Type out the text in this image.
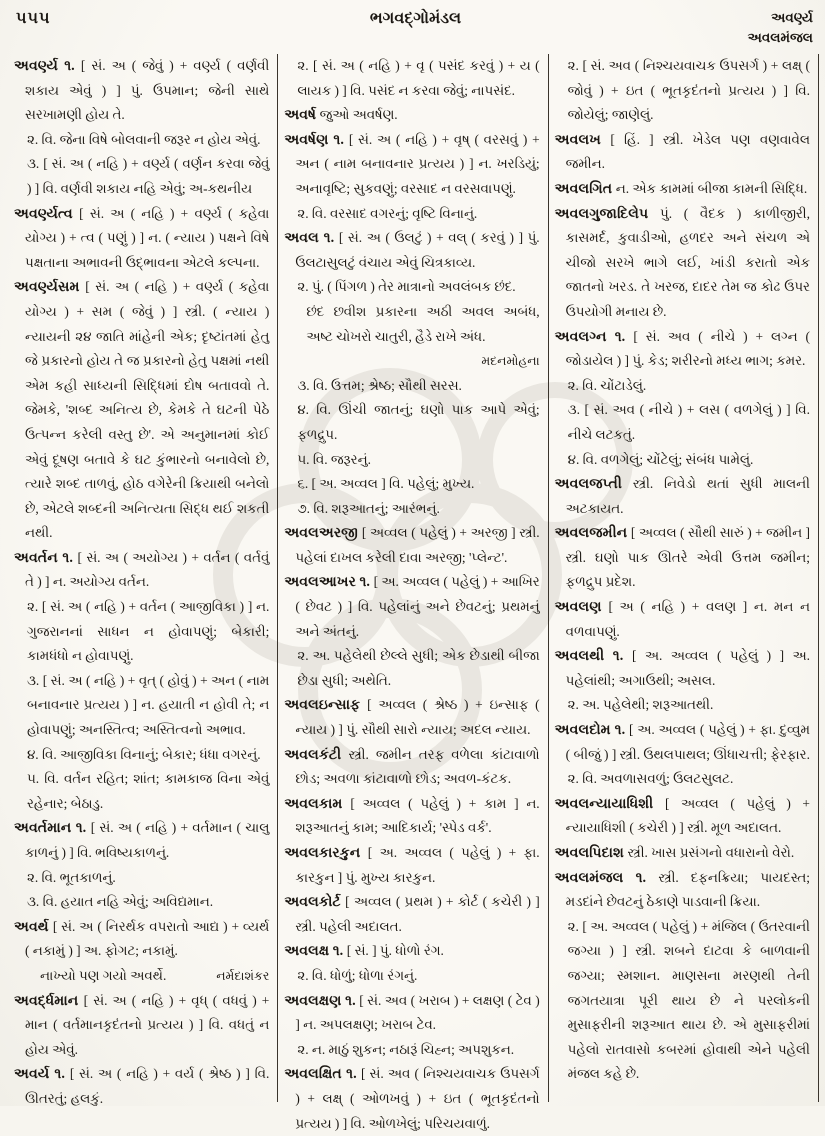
૫૫૫	ભગવદ્ગોમંડલ	અવર્ણ્ય
અવલમંજલ

અવર્ણ્ય ૧. [ સં. અ ( જેવું ) + વર્ણ્ય ( વર્ણવી શકાય એવું ) ] પું. ઉપમાન; જેની સાથે સરખામણી હોય તે.

૨. વિ. જેના વિષે બોલવાની જરૂર ન હોય એવું.

૩. [ સં. અ ( નહિ ) + વર્ણ્ય ( વર્ણન કરવા જેવું ) ] વિ. વર્ણવી શકાય નહિ એવું; અ-કથનીય

અવર્ણ્યત્વ [ સં. અ ( નહિ ) + વર્ણ્ય ( કહેવા યોગ્ય ) + ત્વ ( પણું ) ] ન. ( ન્યાય ) પક્ષને વિષે પક્ષતાના અભાવની ઉદ્ભાવના એટલે કલ્પના.

અવર્ણ્યસમ [ સં. અ ( નહિ ) + વર્ણ્ય ( કહેવા યોગ્ય ) + સમ ( જેવું ) ] સ્ત્રી. ( ન્યાય ) ન્યાયની ૨૪ જાતિ માંહેની એક; દૃષ્ટાંતમાં હેતુ જે પ્રકારનો હોય તે જ પ્રકારનો હેતુ પક્ષમાં નથી એમ કહી સાધ્યની સિદ્ધિમાં દોષ બતાવવો તે. જેમકે, 'શબ્દ અનિત્ય છે, કેમકે તે ઘટની પેઠે ઉત્પન્ન કરેલી વસ્તુ છે'. એ અનુમાનમાં કોઈ એવું દૂષણ બતાવે કે ઘટ કુંભારનો બનાવેલો છે, ત્યારે શબ્દ તાળવું, હોઠ વગેરેની ક્રિયાથી બનેલો છે, એટલે શબ્દની અનિત્યતા સિદ્ધ થઈ શકતી નથી.

અવર્તન ૧. [ સં. અ ( અયોગ્ય ) + વર્તન ( વર્તવું તે ) ] ન. અયોગ્ય વર્તન.

૨. [ સં. અ ( નહિ ) + વર્તન ( આજીવિકા ) ] ન. ગુજરાનનાં સાધન ન હોવાપણું; બેકારી; કામધંધો ન હોવાપણું.

૩. [ સં. અ ( નહિ ) + વૃત્ ( હોવું ) + અન ( નામ બનાવનાર પ્રત્યય ) ] ન. હયાતી ન હોવી તે; ન હોવાપણું; અનસ્તિત્વ; અસ્તિત્વનો અભાવ.

૪. વિ. આજીવિકા વિનાનું; બેકાર; ધંધા વગરનું.

૫. વિ. વર્તન રહિત; શાંત; કામકાજ વિના એવું રહેનાર; બેઠાડુ.

અવર્તમાન ૧. [ સં. અ ( નહિ ) + વર્તમાન ( ચાલુ કાળનું ) ] વિ. ભવિષ્યકાળનું.

૨. વિ. ભૂતકાળનું.

૩. વિ. હયાત નહિ એવું; અવિદ્યમાન.

અવર્થ [ સં. અ ( નિરર્થક વપરાતો આદ્ય ) + વ્યર્થ ( નકામું ) ] અ. ફોગટ; નકામું.

નાખ્યો પણ ગયો અવર્થે.	નર્મદાશંકર

અવર્દ્ધમાન [ સં. અ ( નહિ ) + વૃધ્ ( વધવું ) + માન ( વર્તમાનકૃદંતનો પ્રત્યય ) ] વિ. વધતું ન હોય એવું.

અવર્ય ૧. [ સં. અ ( નહિ ) + વર્ય ( શ્રેષ્ઠ ) ] વિ. ઊતરતું; હલકું.

૨. [ સં. અ ( નહિ ) + વૃ ( પસંદ કરવું ) + ય ( લાયક ) ] વિ. પસંદ ન કરવા જેવું; નાપસંદ.

અવર્ષ જુઓ અવર્ષણ.

અવર્ષણ ૧. [ સં. અ ( નહિ ) + વૃષ્ ( વરસવું ) + અન ( નામ બનાવનાર પ્રત્યય ) ] ન. ખરડિયું; અનાવૃષ્ટિ; સુકવણું; વરસાદ ન વરસવાપણું.

૨. વિ. વરસાદ વગરનું; વૃષ્ટિ વિનાનું.

અવલ ૧. [ સં. અ ( ઉલટું ) + વલ્ ( કરવું ) ] પું. ઉલટાસુલટું વંચાય એવું ચિત્રકાવ્ય.

૨. પું. ( પિંગળ ) તેર માત્રાનો અવલંબક છંદ.

છંદ છવીશ પ્રકારના અઠી અવલ અબંધ, અષ્ટ ચોખરો ચાતુરી, હૈડે રાખે અંધ.
મદનમોહના

૩. વિ. ઉત્તમ; શ્રેષ્ઠ; સૌથી સરસ.

૪. વિ. ઊંચી જાતનું; ઘણો પાક આપે એવું; ફળદ્રુપ.

૫. વિ. જરૂરનું.

૬. [ અ. અવ્વલ ] વિ. પહેલું; મુખ્ય.

૭. વિ. શરૂઆતનું; આરંભનું.

અવલઅરજી [ અવ્વલ ( પહેલું ) + અરજી ] સ્ત્રી. પહેલાં દાખલ કરેલી દાવા અરજી; 'પ્લેન્ટ'.

અવલઆખર ૧. [ અ. અવ્વલ ( પહેલું ) + આખિર ( છેવટ ) ] વિ. પહેલાંનું અને છેવટનું; પ્રથમનું અને અંતનું.

૨. અ. પહેલેથી છેલ્લે સુધી; એક છેડાથી બીજા છેડા સુધી; અથેતિ.

અવલઇન્સાફ [ અવ્વલ ( શ્રેષ્ઠ ) + ઇન્સાફ ( ન્યાય ) ] પું. સૌથી સારો ન્યાય; અદલ ન્યાય.

અવલકંટી સ્ત્રી. જમીન તરફ વળેલા કાંટાવાળો છોડ; અવળા કાંટાવાળો છોડ; અવળ-કંટક.

અવલકામ [ અવ્વલ ( પહેલું ) + કામ ] ન. શરૂઆતનું કામ; આદિકાર્ય; 'સ્પેડ વર્ક'.

અવલકારકુન [ અ. અવ્વલ ( પહેલું ) + ફા. કારકુન ] પું. મુખ્ય કારકુન.

અવલકોર્ટ [ અવ્વલ ( પ્રથમ ) + કોર્ટ ( કચેરી ) ] સ્ત્રી. પહેલી અદાલત.

અવલક્ષ ૧. [ સં. ] પું. ધોળો રંગ.

૨. વિ. ધોળું; ધોળા રંગનું.

અવલક્ષણ ૧. [ સં. અવ ( ખરાબ ) + લક્ષણ ( ટેવ ) ] ન. અપલક્ષણ; ખરાબ ટેવ.

૨. ન. માઠું શુકન; નઠારૂં ચિહ્ન; અપશુકન.

અવલક્ષિત ૧. [ સં. અવ ( નિશ્ચયવાચક ઉપસર્ગ ) + લક્ષ્ ( ઓળખવું ) + ઇત ( ભૂતકૃદંતનો પ્રત્યય ) ] વિ. ઓળખેલું; પરિચયવાળું.

૨. [ સં. અવ ( નિશ્ચયવાચક ઉપસર્ગ ) + લક્ષ્ ( જોવું ) + ઇત ( ભૂતકૃદંતનો પ્રત્યય ) ] વિ. જોયેલું; જાણેલું.

અવલખ [ હિં. ] સ્ત્રી. ખેડેલ પણ વણવાવેલ જમીન.

અવલગિત ન. એક કામમાં બીજા કામની સિદ્ધિ.

અવલગુજાદિલેપ પું. ( વૈદક ) કાળીજીરી, કાસમર્દ, કુવાડીઓ, હળદર અને સંચળ એ ચીજો સરખે ભાગે લઈ, ખાંડી કરાતો એક જાતનો ખરડ. તે ખરજ, દાદર તેમ જ કોઢ ઉપર ઉપયોગી મનાય છે.

અવલગ્ન ૧. [ સં. અવ ( નીચે ) + લગ્ન ( જોડાયેલ ) ] પું. કેડ; શરીરનો મધ્ય ભાગ; કમર.

૨. વિ. ચોંટાડેલું.

૩. [ સં. અવ ( નીચે ) + લસ ( વળગેલું ) ] વિ. નીચે લટકતું.

૪. વિ. વળગેલું; ચોંટેલું; સંબંધ પામેલું.

અવલજપ્તી સ્ત્રી. નિવેડો થતાં સુધી માલની અટકાયત.

અવલજમીન [ અવ્વલ ( સૌથી સારું ) + જમીન ] સ્ત્રી. ઘણો પાક ઊતરે એવી ઉત્તમ જમીન; ફળદ્રુપ પ્રદેશ.

અવલણ [ અ ( નહિ ) + વલણ ] ન. મન ન વળવાપણું.

અવલથી ૧. [ અ. અવ્વલ ( પહેલું ) ] અ. પહેલાંથી; અગાઉથી; અસલ.

૨. અ. પહેલેથી; શરૂઆતથી.

અવલદોમ ૧. [ અ. અવ્વલ ( પહેલું ) + ફા. દુવ્વુમ ( બીજું ) ] સ્ત્રી. ઉથલપાથલ; ઊંધાચત્તી; ફેરફાર.

૨. વિ. અવળાસવળું; ઉલટસુલટ.

અવલન્યાયાધિશી [ અવ્વલ ( પહેલું ) + ન્યાયાધિશી ( કચેરી ) ] સ્ત્રી. મૂળ અદાલત.

અવલપિદાશ સ્ત્રી. ખાસ પ્રસંગનો વધારાનો વેરો.

અવલમંજલ ૧. સ્ત્રી. દફનક્રિયા; પાયદસ્ત; મડદાંને છેવટનું ઠેકાણે પાડવાની ક્રિયા.

૨. [ અ. અવ્વલ ( પહેલું ) + મંજિલ ( ઉતરવાની જગ્યા ) ] સ્ત્રી. શબને દાટવા કે બાળવાની જગ્યા; સ્મશાન. માણસના મરણથી તેની જગતયાત્રા પૂરી થાય છે ને પરલોકની મુસાફરીની શરૂઆત થાય છે. એ મુસાફરીમાં પહેલો રાતવાસો કબરમાં હોવાથી એને પહેલી મંજલ કહે છે.
